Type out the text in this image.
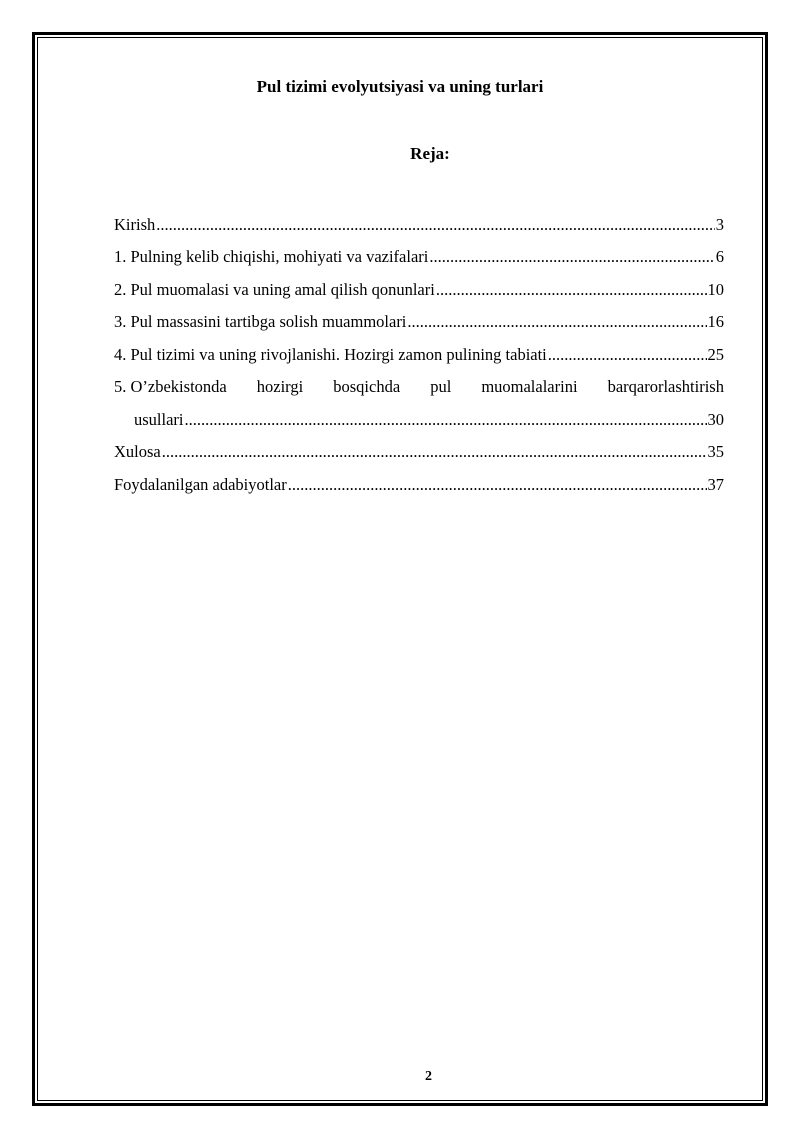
Pul tizimi evolyutsiyasi va uning turlari
Reja:
Kirish .....	3
1. Pulning kelib chiqishi, mohiyati va vazifalari .....	6
2. Pul muomalasi va uning amal qilish qonunlari .....	10
3. Pul massasini tartibga solish muammolari .....	16
4. Pul tizimi va uning rivojlanishi. Hozirgi zamon pulining tabiati .....	25
5. O’zbekistonda hozirgi bosqichda pul muomalalarini barqarorlashtirish
usullari .....	30
Xulosa .....	35
Foydalanilgan adabiyotlar .....	37
2
